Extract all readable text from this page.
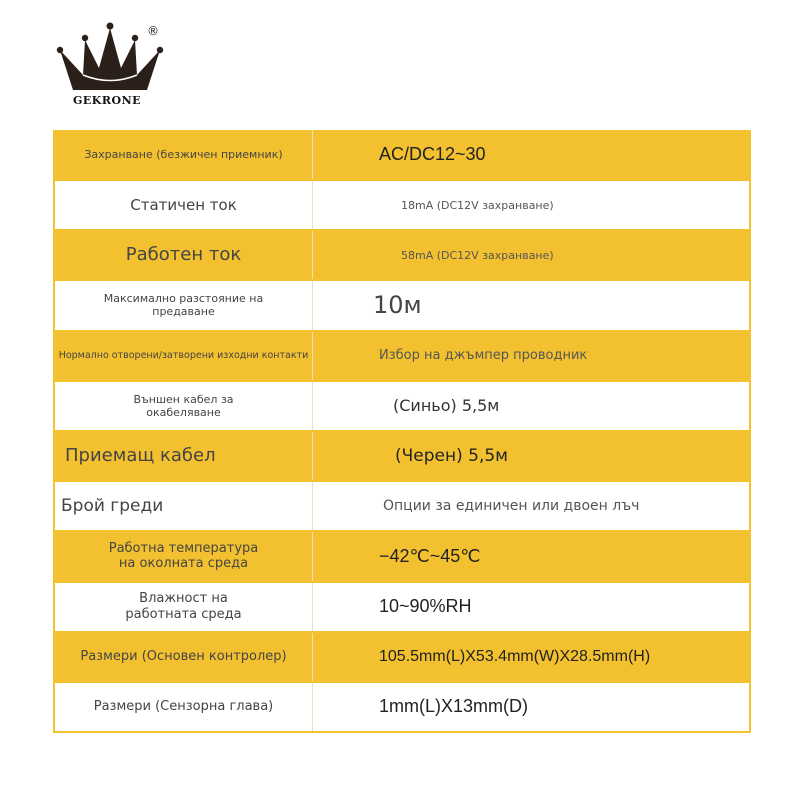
®
GEKRONE
Захранване (безжичен приемник)	AC/DC12~30
Статичен ток	18mA (DC12V захранване)
Работен ток	58mA (DC12V захранване)
Максимално разстояние на предаване	10м
Нормално отворени/затворени изходни контакти	Избор на джъмпер проводник
Външен кабел за окабеляване	(Синьо) 5,5м
Приемащ кабел	(Черен) 5,5м
Брой греди	Опции за единичен или двоен лъч
Работна температура на околната среда	−42℃~45℃
Влажност на работната среда	10~90%RH
Размери (Основен контролер)	105.5mm(L)X53.4mm(W)X28.5mm(H)
Размери (Сензорна глава)	1mm(L)X13mm(D)
